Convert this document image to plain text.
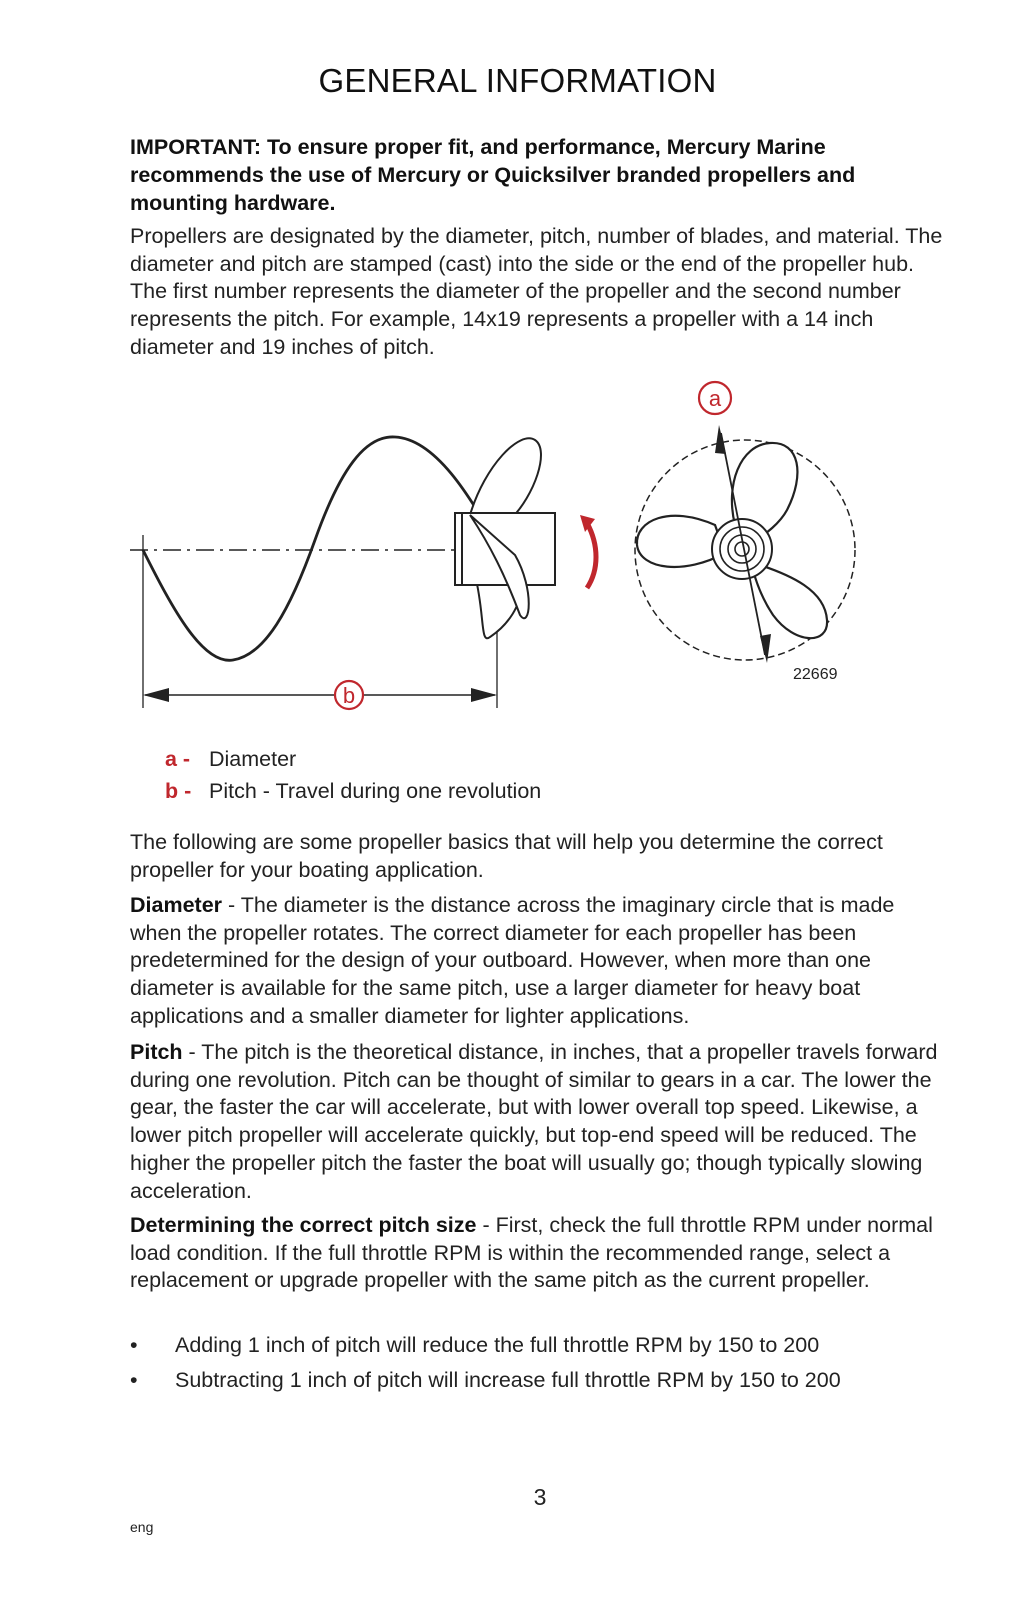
GENERAL INFORMATION
IMPORTANT: To ensure proper fit, and performance, Mercury Marine recommends the use of Mercury or Quicksilver branded propellers and mounting hardware.

Propellers are designated by the diameter, pitch, number of blades, and material. The diameter and pitch are stamped (cast) into the side or the end of the propeller hub. The first number represents the diameter of the propeller and the second number represents the pitch. For example, 14x19 represents a propeller with a 14 inch diameter and 19 inches of pitch.

b
a
22669
a - Diameter
b - Pitch - Travel during one revolution

The following are some propeller basics that will help you determine the correct propeller for your boating application.

Diameter - The diameter is the distance across the imaginary circle that is made when the propeller rotates. The correct diameter for each propeller has been predetermined for the design of your outboard. However, when more than one diameter is available for the same pitch, use a larger diameter for heavy boat applications and a smaller diameter for lighter applications.

Pitch - The pitch is the theoretical distance, in inches, that a propeller travels forward during one revolution. Pitch can be thought of similar to gears in a car. The lower the gear, the faster the car will accelerate, but with lower overall top speed. Likewise, a lower pitch propeller will accelerate quickly, but top-end speed will be reduced. The higher the propeller pitch the faster the boat will usually go; though typically slowing acceleration.

Determining the correct pitch size - First, check the full throttle RPM under normal load condition. If the full throttle RPM is within the recommended range, select a replacement or upgrade propeller with the same pitch as the current propeller.

• Adding 1 inch of pitch will reduce the full throttle RPM by 150 to 200
• Subtracting 1 inch of pitch will increase full throttle RPM by 150 to 200
eng
3
